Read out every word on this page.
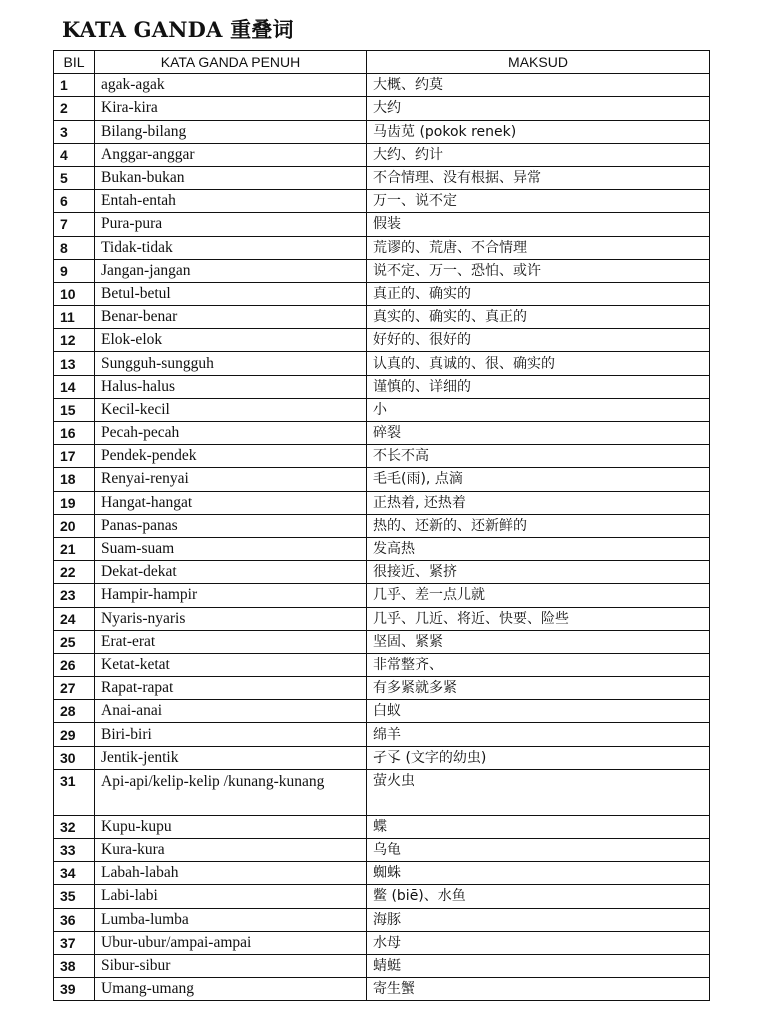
KATA GANDA 重叠词
BIL	KATA GANDA PENUH	MAKSUD
1	agak-agak	大概、约莫
2	Kira-kira	大约
3	Bilang-bilang	马齿苋 (pokok renek)
4	Anggar-anggar	大约、约计
5	Bukan-bukan	不合情理、没有根据、异常
6	Entah-entah	万一、说不定
7	Pura-pura	假装
8	Tidak-tidak	荒谬的、荒唐、不合情理
9	Jangan-jangan	说不定、万一、恐怕、或许
10	Betul-betul	真正的、确实的
11	Benar-benar	真实的、确实的、真正的
12	Elok-elok	好好的、很好的
13	Sungguh-sungguh	认真的、真诚的、很、确实的
14	Halus-halus	谨慎的、详细的
15	Kecil-kecil	小
16	Pecah-pecah	碎裂
17	Pendek-pendek	不长不高
18	Renyai-renyai	毛毛(雨), 点滴
19	Hangat-hangat	正热着, 还热着
20	Panas-panas	热的、还新的、还新鲜的
21	Suam-suam	发高热
22	Dekat-dekat	很接近、紧挤
23	Hampir-hampir	几乎、差一点儿就
24	Nyaris-nyaris	几乎、几近、将近、快要、险些
25	Erat-erat	坚固、紧紧
26	Ketat-ketat	非常整齐、
27	Rapat-rapat	有多紧就多紧
28	Anai-anai	白蚁
29	Biri-biri	绵羊
30	Jentik-jentik	孑孓 (文字的幼虫)
31	Api-api/kelip-kelip /kunang-kunang	萤火虫
32	Kupu-kupu	蝶
33	Kura-kura	乌龟
34	Labah-labah	蜘蛛
35	Labi-labi	鳖 (biē)、水鱼
36	Lumba-lumba	海豚
37	Ubur-ubur/ampai-ampai	水母
38	Sibur-sibur	蜻蜓
39	Umang-umang	寄生蟹
